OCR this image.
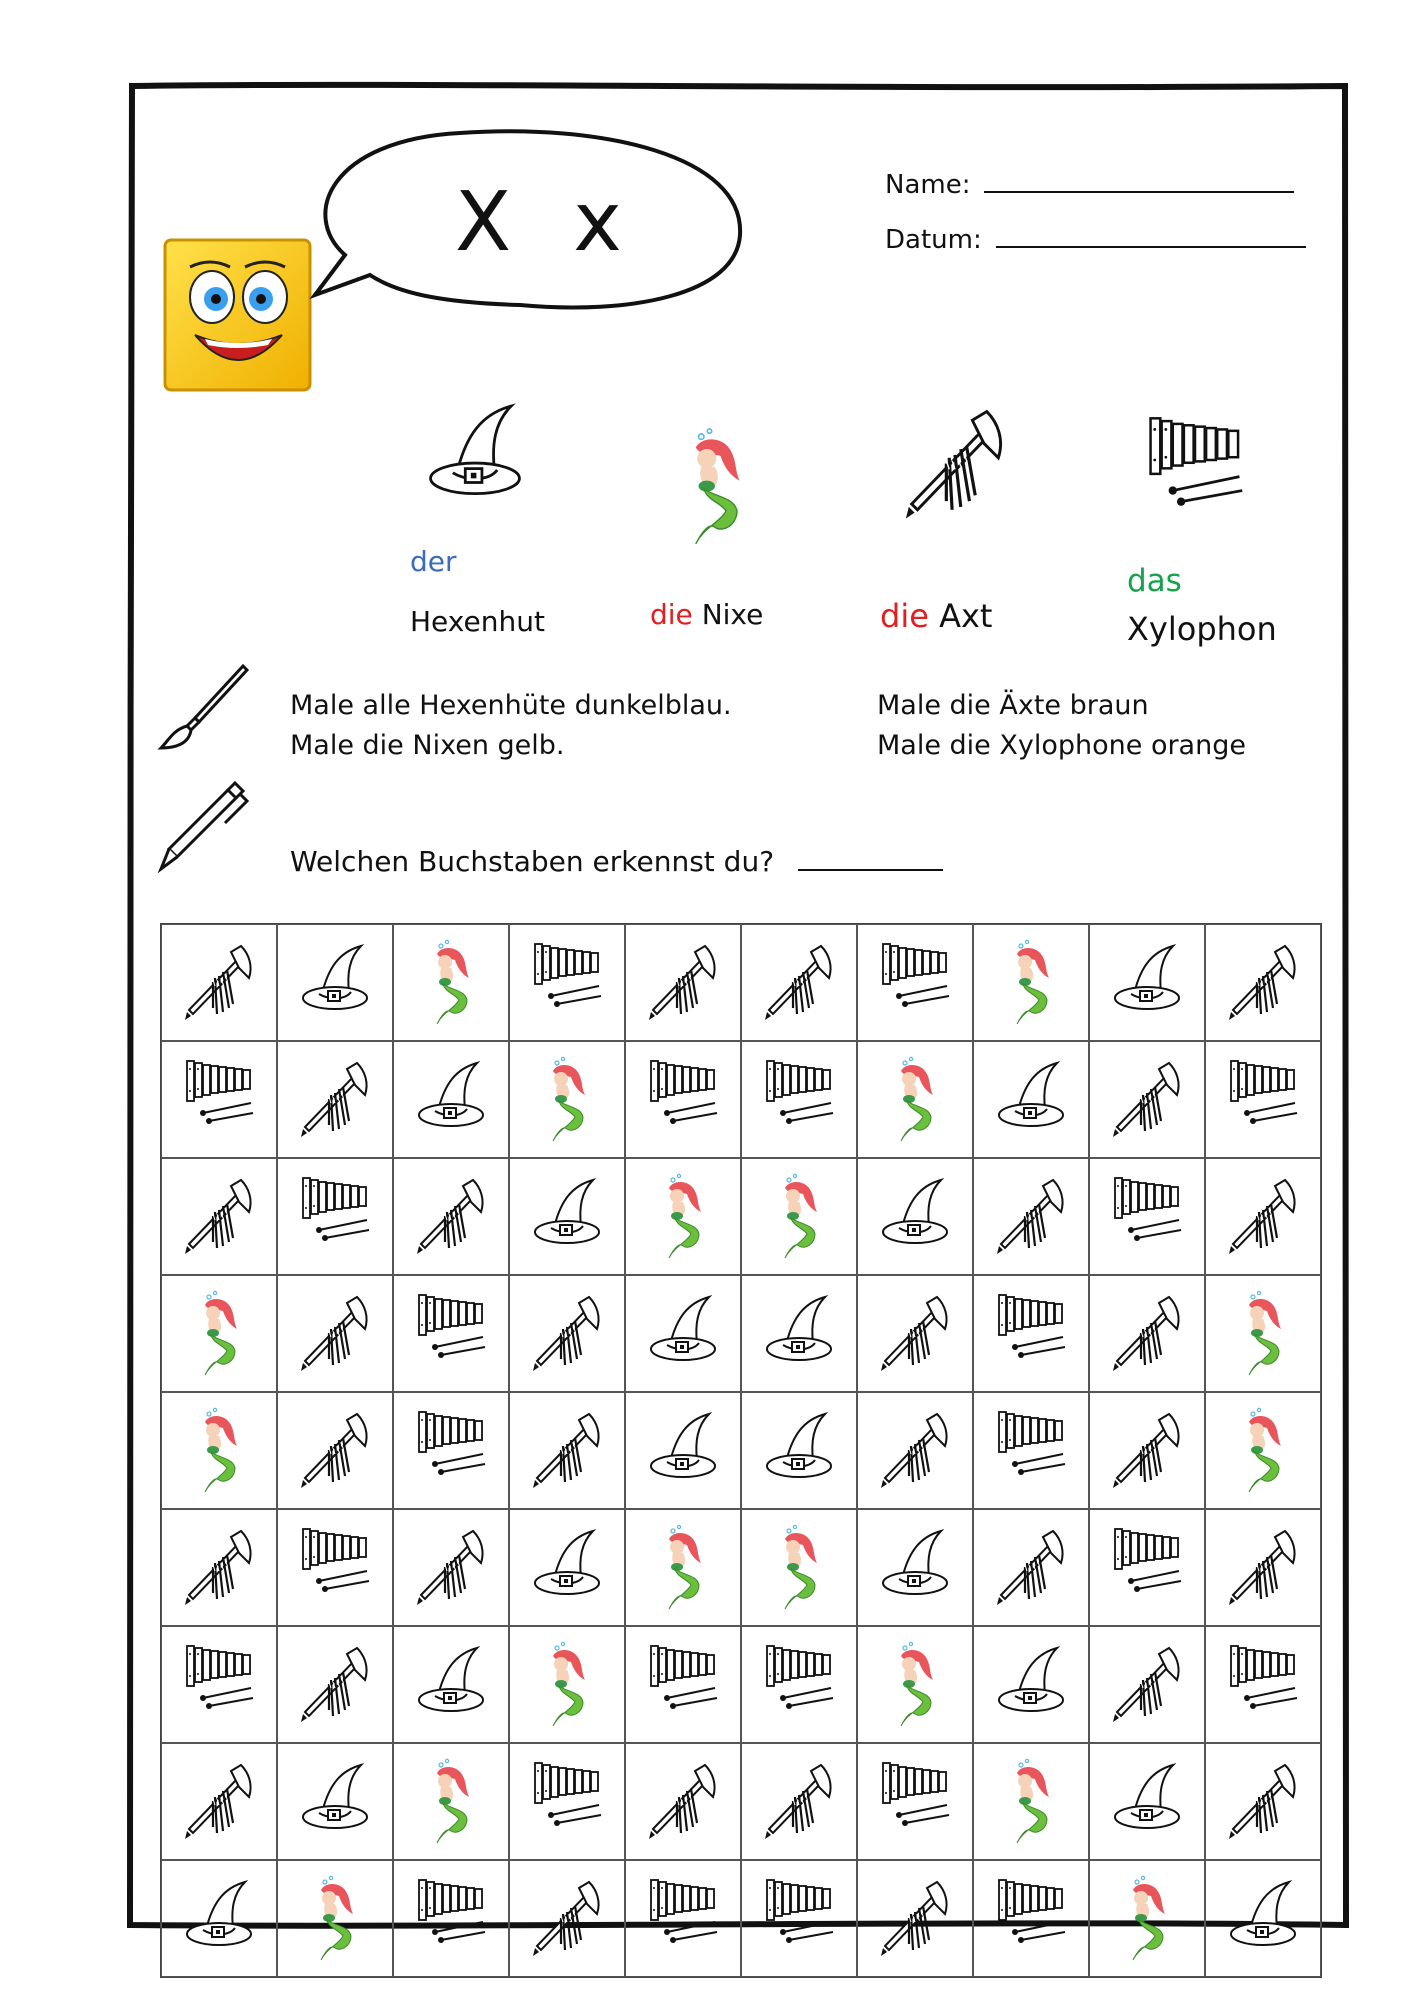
X x	Name:
Datum:
der
Hexenhut	die Nixe	die Axt
das
Xylophon
Male alle Hexenhüte dunkelblau.
Male die Nixen gelb.
Male die Äxte braun
Male die Xylophone orange
Welchen Buchstaben erkennst du?
